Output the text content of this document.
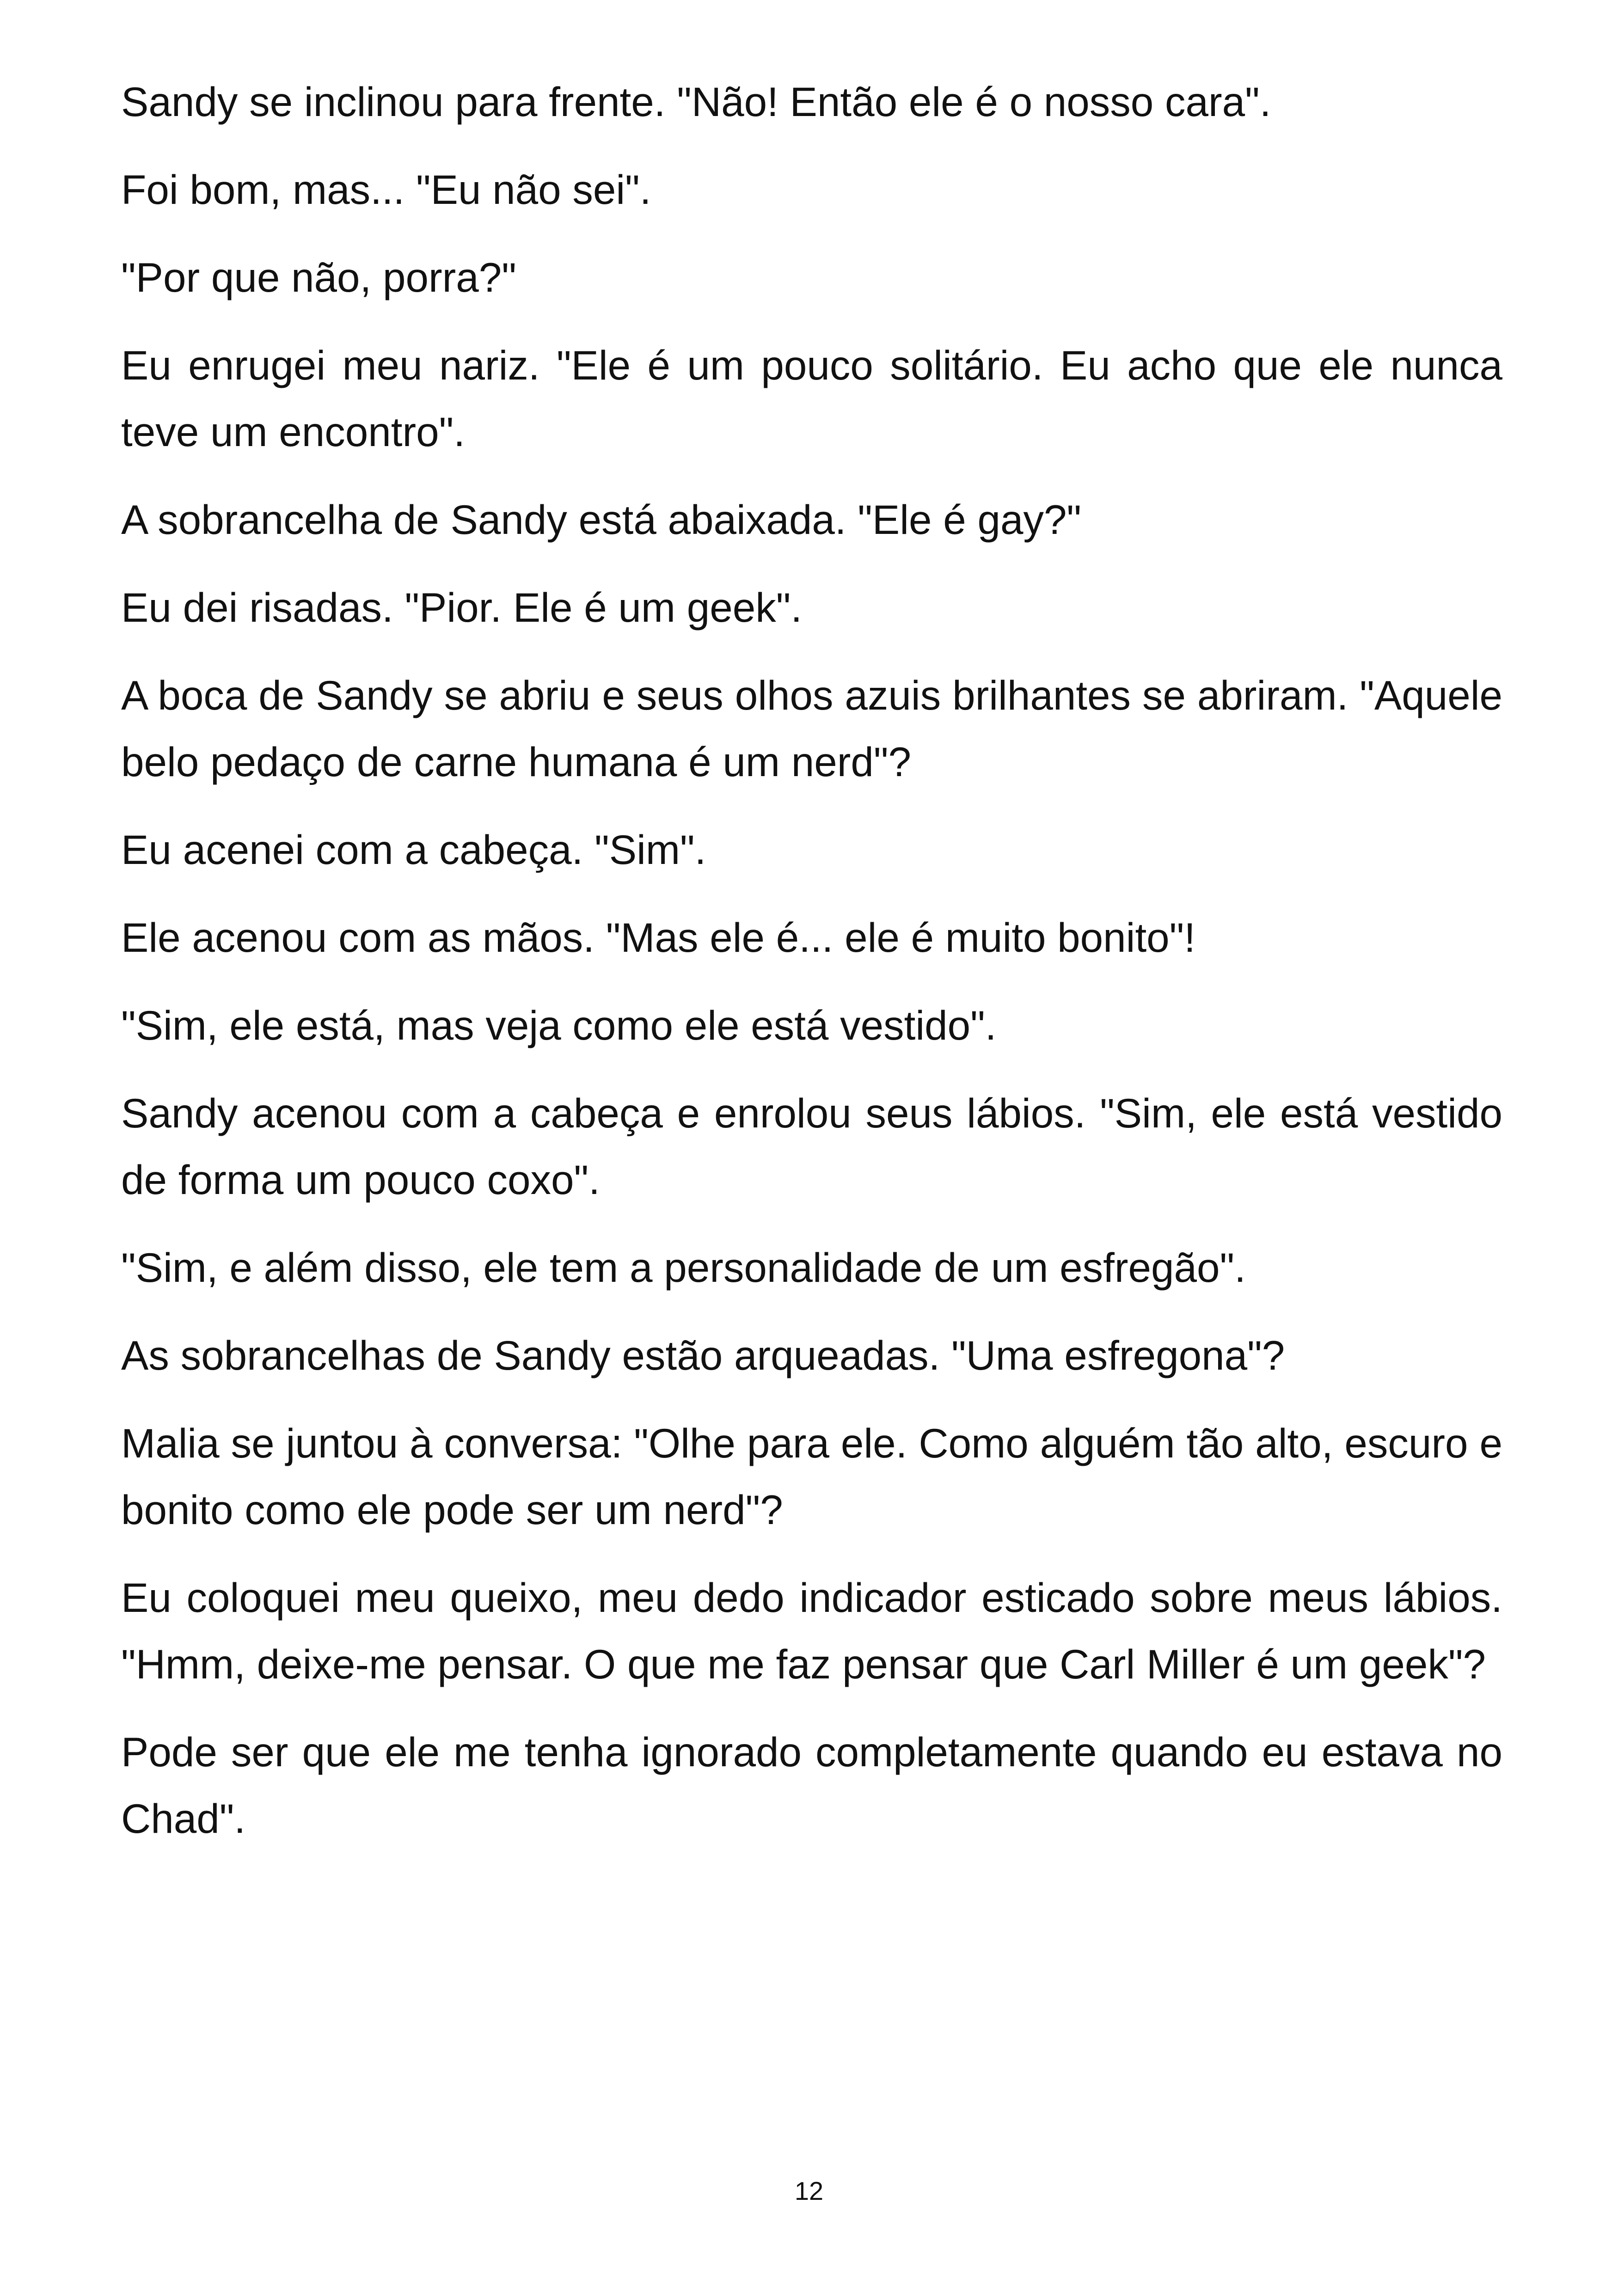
Sandy se inclinou para frente. "Não! Então ele é o nosso cara".

Foi bom, mas... "Eu não sei".

"Por que não, porra?"

Eu enrugei meu nariz. "Ele é um pouco solitário. Eu acho que ele nunca teve um encontro".

A sobrancelha de Sandy está abaixada. "Ele é gay?"

Eu dei risadas. "Pior. Ele é um geek".

A boca de Sandy se abriu e seus olhos azuis brilhantes se abriram. "Aquele belo pedaço de carne humana é um nerd"?

Eu acenei com a cabeça. "Sim".

Ele acenou com as mãos. "Mas ele é... ele é muito bonito"!

"Sim, ele está, mas veja como ele está vestido".

Sandy acenou com a cabeça e enrolou seus lábios. "Sim, ele está vestido de forma um pouco coxo".

"Sim, e além disso, ele tem a personalidade de um esfregão".

As sobrancelhas de Sandy estão arqueadas. "Uma esfregona"?

Malia se juntou à conversa: "Olhe para ele. Como alguém tão alto, escuro e bonito como ele pode ser um nerd"?

Eu coloquei meu queixo, meu dedo indicador esticado sobre meus lábios. "Hmm, deixe-me pensar. O que me faz pensar que Carl Miller é um geek"?

Pode ser que ele me tenha ignorado completamente quando eu estava no Chad".

12
